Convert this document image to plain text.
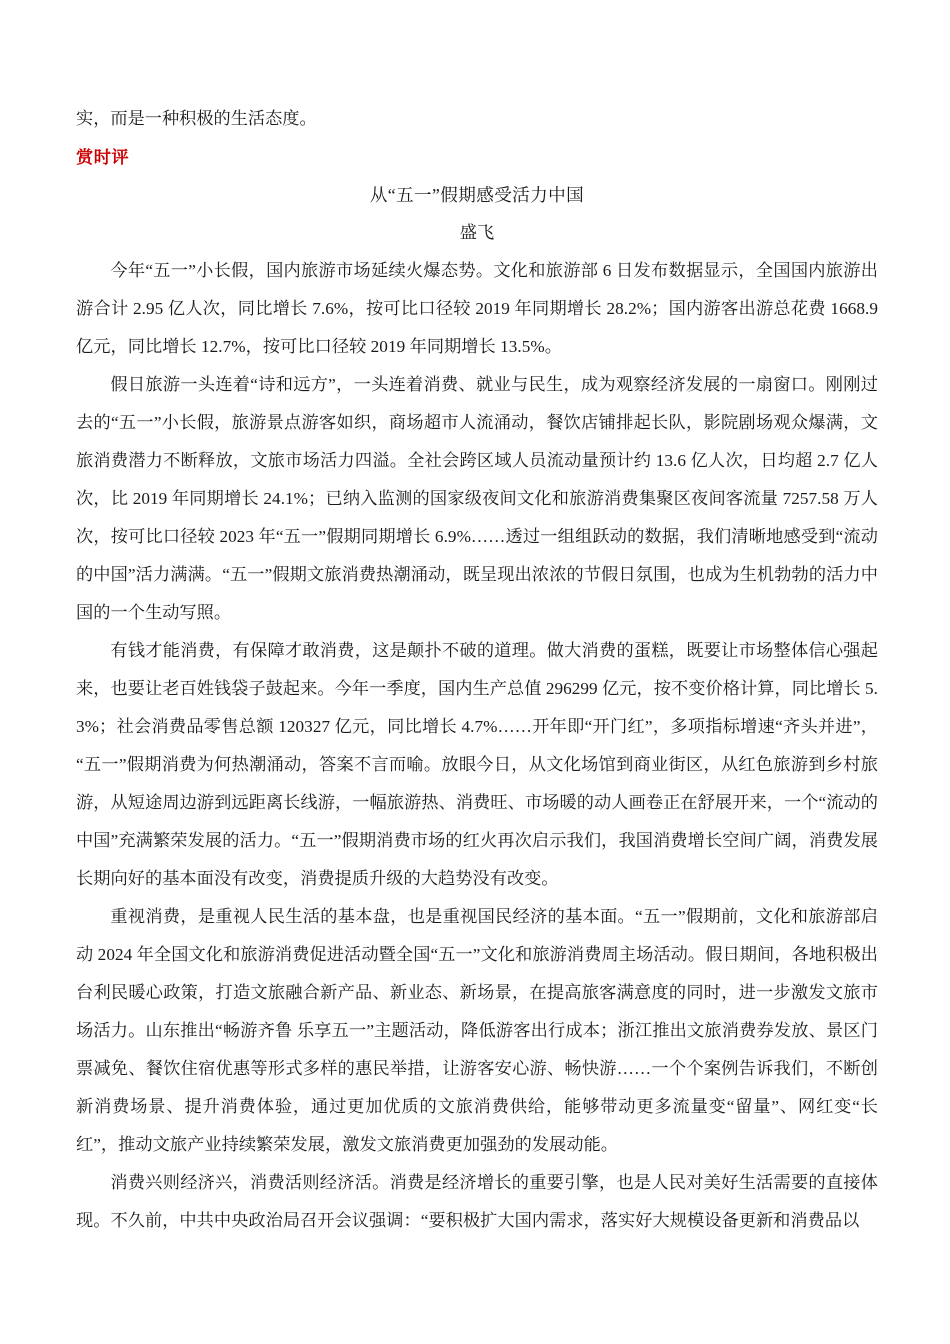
实，而是一种积极的生活态度。

赏时评

从“五一”假期感受活力中国

盛飞

今年“五一”小长假，国内旅游市场延续火爆态势。文化和旅游部 6 日发布数据显示，全国国内旅游出游合计 2.95 亿人次，同比增长 7.6%，按可比口径较 2019 年同期增长 28.2%；国内游客出游总花费 1668.9 亿元，同比增长 12.7%，按可比口径较 2019 年同期增长 13.5%。

假日旅游一头连着“诗和远方”，一头连着消费、就业与民生，成为观察经济发展的一扇窗口。刚刚过去的“五一”小长假，旅游景点游客如织，商场超市人流涌动，餐饮店铺排起长队，影院剧场观众爆满，文旅消费潜力不断释放，文旅市场活力四溢。全社会跨区域人员流动量预计约 13.6 亿人次，日均超 2.7 亿人次，比 2019 年同期增长 24.1%；已纳入监测的国家级夜间文化和旅游消费集聚区夜间客流量 7257.58 万人次，按可比口径较 2023 年“五一”假期同期增长 6.9%……透过一组组跃动的数据，我们清晰地感受到“流动的中国”活力满满。“五一”假期文旅消费热潮涌动，既呈现出浓浓的节假日氛围，也成为生机勃勃的活力中国的一个生动写照。

有钱才能消费，有保障才敢消费，这是颠扑不破的道理。做大消费的蛋糕，既要让市场整体信心强起来，也要让老百姓钱袋子鼓起来。今年一季度，国内生产总值 296299 亿元，按不变价格计算，同比增长 5.3%；社会消费品零售总额 120327 亿元，同比增长 4.7%……开年即“开门红”，多项指标增速“齐头并进”，“五一”假期消费为何热潮涌动，答案不言而喻。放眼今日，从文化场馆到商业街区，从红色旅游到乡村旅游，从短途周边游到远距离长线游，一幅旅游热、消费旺、市场暖的动人画卷正在舒展开来，一个“流动的中国”充满繁荣发展的活力。“五一”假期消费市场的红火再次启示我们，我国消费增长空间广阔，消费发展长期向好的基本面没有改变，消费提质升级的大趋势没有改变。

重视消费，是重视人民生活的基本盘，也是重视国民经济的基本面。“五一”假期前，文化和旅游部启动 2024 年全国文化和旅游消费促进活动暨全国“五一”文化和旅游消费周主场活动。假日期间，各地积极出台利民暖心政策，打造文旅融合新产品、新业态、新场景，在提高旅客满意度的同时，进一步激发文旅市场活力。山东推出“畅游齐鲁 乐享五一”主题活动，降低游客出行成本；浙江推出文旅消费券发放、景区门票减免、餐饮住宿优惠等形式多样的惠民举措，让游客安心游、畅快游……一个个案例告诉我们，不断创新消费场景、提升消费体验，通过更加优质的文旅消费供给，能够带动更多流量变“留量”、网红变“长红”，推动文旅产业持续繁荣发展，激发文旅消费更加强劲的发展动能。

消费兴则经济兴，消费活则经济活。消费是经济增长的重要引擎，也是人民对美好生活需要的直接体现。不久前，中共中央政治局召开会议强调：“要积极扩大国内需求，落实好大规模设备更新和消费品以
